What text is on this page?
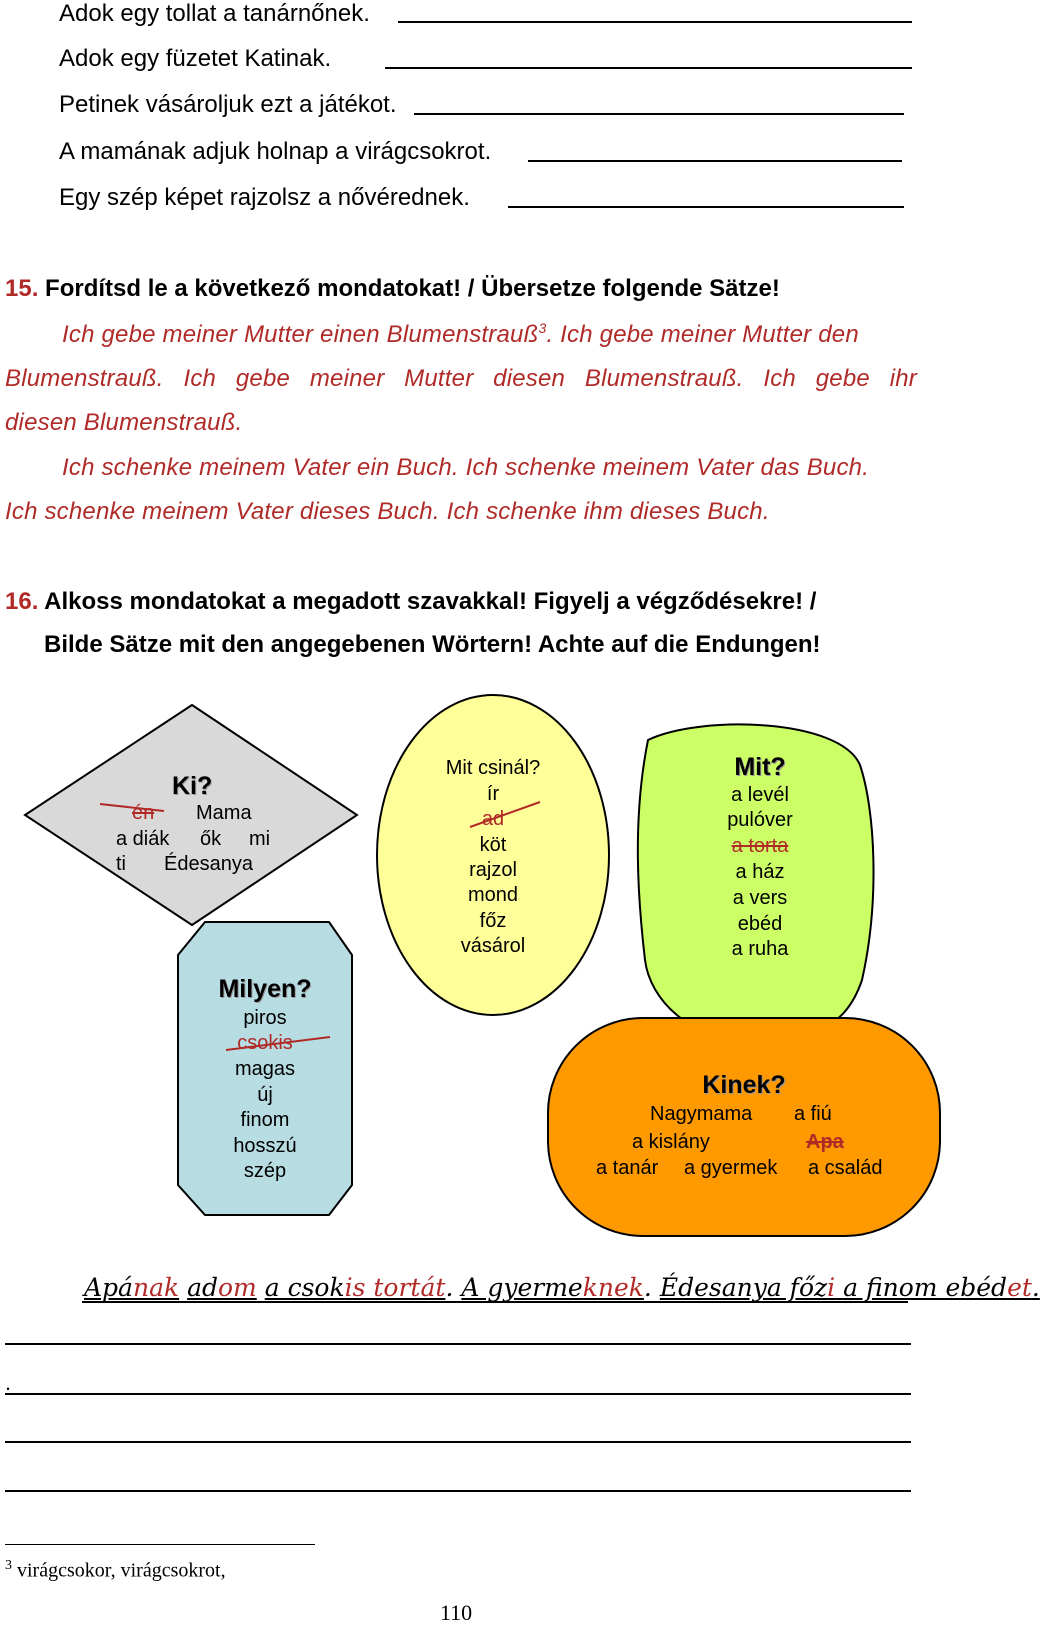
Adok egy tollat a tanárnőnek.
Adok egy füzetet Katinak.
Petinek vásároljuk ezt a játékot.
A mamának adjuk holnap a virágcsokrot.
Egy szép képet rajzolsz a nővérednek.
15. Fordítsd le a következő mondatokat! / Übersetze folgende Sätze!
Ich gebe meiner Mutter einen Blumenstrauß$^3$. Ich gebe meiner Mutter den
Blumenstrauß. Ich gebe meiner Mutter diesen Blumenstrauß. Ich gebe ihr
diesen Blumenstrauß.
Ich schenke meinem Vater ein Buch. Ich schenke meinem Vater das Buch.
Ich schenke meinem Vater dieses Buch. Ich schenke ihm dieses Buch.
16. Alkoss mondatokat a megadott szavakkal! Figyelj a végződésekre! /
Bilde Sätze mit den angegebenen Wörtern! Achte auf die Endungen!
Ki?
én Mama
a diák ők mi
ti Édesanya
Mit csinál?
ír
ad
köt
rajzol
mond
főz
vásárol
Mit?
a levél
pulóver
a torta
a ház
a vers
ebéd
a ruha
Milyen?
piros
csokis
magas
új
finom
hosszú
szép
Kinek?
Nagymama a fiú
a kislány	Apa
a tanár a gyermek a család
Apának adom a csokis tortát. A gyermeknek. Édesanya főzi a finom ebédet.
.
$^3$ virágcsokor, virágcsokrot,
110
